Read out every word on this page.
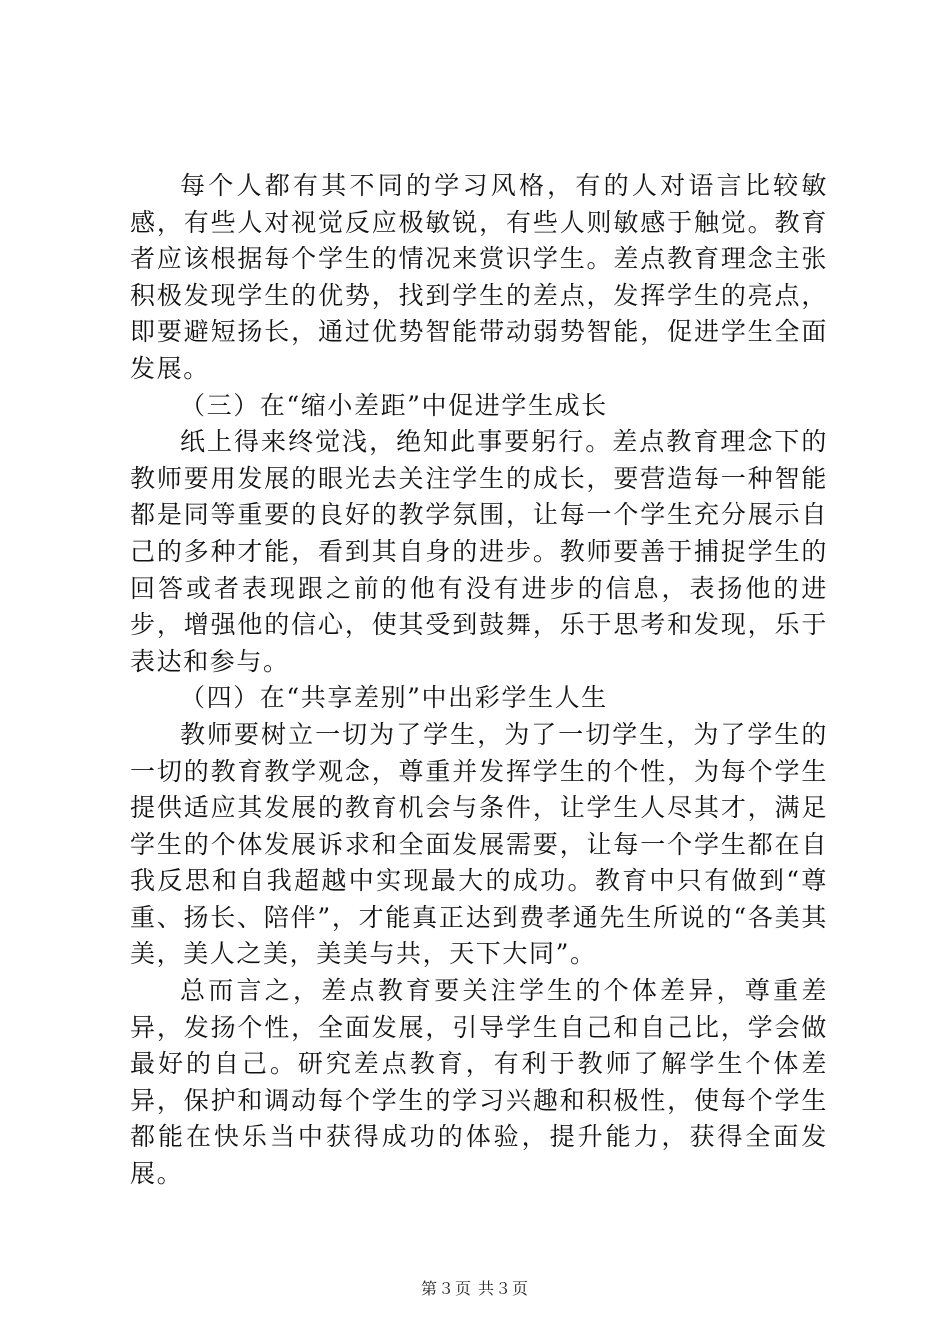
每个人都有其不同的学习风格，有的人对语言比较敏感，有些人对视觉反应极敏锐，有些人则敏感于触觉。教育者应该根据每个学生的情况来赏识学生。差点教育理念主张积极发现学生的优势，找到学生的差点，发挥学生的亮点，即要避短扬长，通过优势智能带动弱势智能，促进学生全面发展。

（三）在“缩小差距”中促进学生成长

纸上得来终觉浅，绝知此事要躬行。差点教育理念下的教师要用发展的眼光去关注学生的成长，要营造每一种智能都是同等重要的良好的教学氛围，让每一个学生充分展示自己的多种才能，看到其自身的进步。教师要善于捕捉学生的回答或者表现跟之前的他有没有进步的信息，表扬他的进步，增强他的信心，使其受到鼓舞，乐于思考和发现，乐于表达和参与。

（四）在“共享差别”中出彩学生人生

教师要树立一切为了学生，为了一切学生，为了学生的一切的教育教学观念，尊重并发挥学生的个性，为每个学生提供适应其发展的教育机会与条件，让学生人尽其才，满足学生的个体发展诉求和全面发展需要，让每一个学生都在自我反思和自我超越中实现最大的成功。教育中只有做到“尊重、扬长、陪伴”，才能真正达到费孝通先生所说的“各美其美，美人之美，美美与共，天下大同”。

总而言之，差点教育要关注学生的个体差异，尊重差异，发扬个性，全面发展，引导学生自己和自己比，学会做最好的自己。研究差点教育，有利于教师了解学生个体差异，保护和调动每个学生的学习兴趣和积极性，使每个学生都能在快乐当中获得成功的体验，提升能力，获得全面发展。

第３页 共３页
